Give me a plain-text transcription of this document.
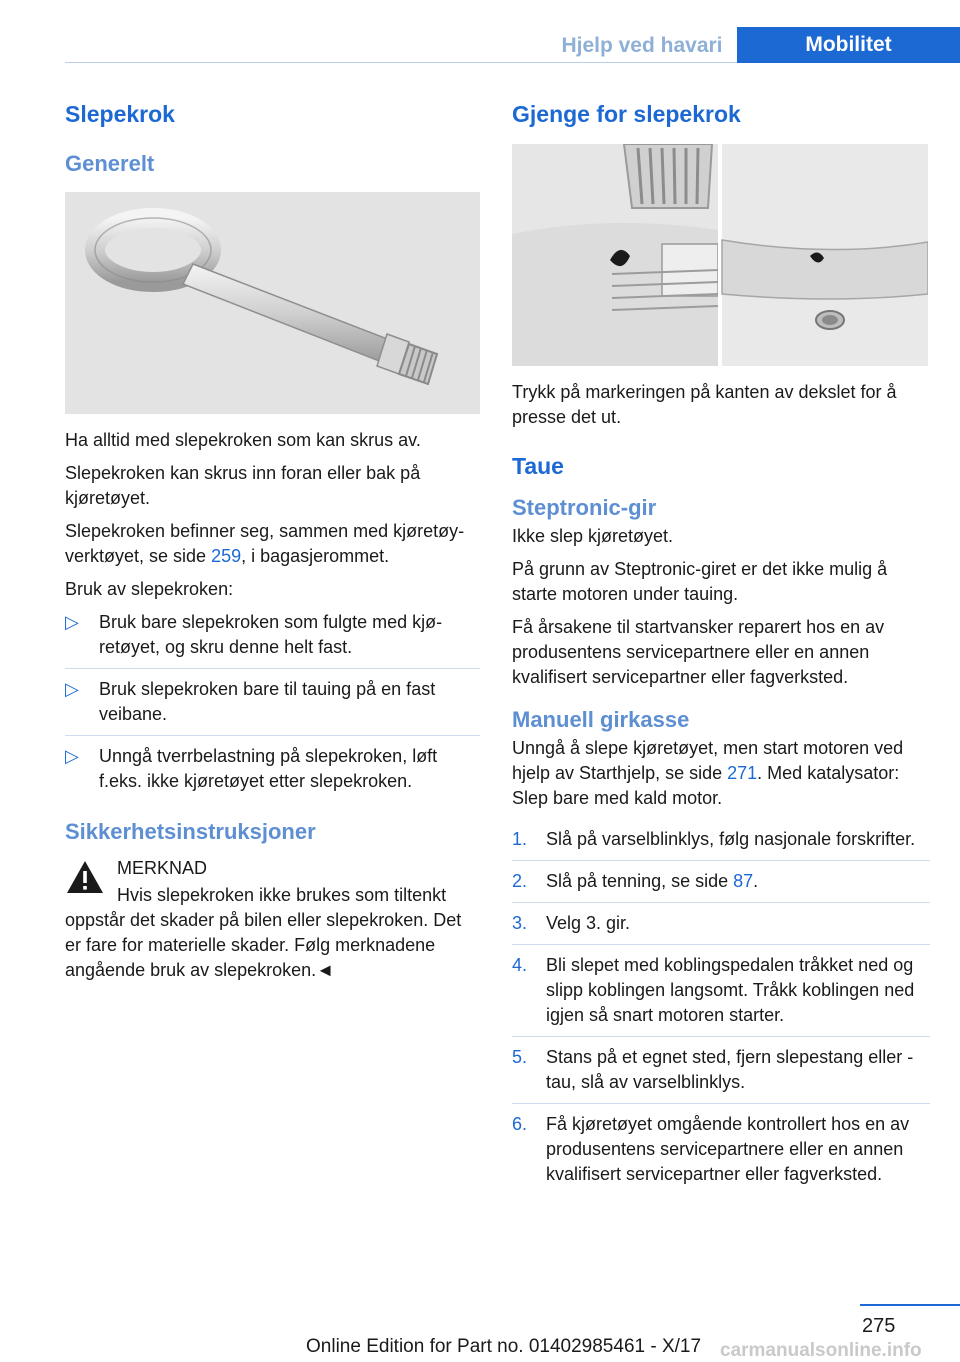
Hjelp ved havari	Mobilitet
Slepekrok
Generelt

Ha alltid med slepekroken som kan skrus av.

Slepekroken kan skrus inn foran eller bak på kjøretøyet.

Slepekroken befinner seg, sammen med kjøretøy-verktøyet, se side 259, i bagasjerommet.

Bruk av slepekroken:

▷ Bruk bare slepekroken som fulgte med kjøretøyet, og skru denne helt fast.
▷ Bruk slepekroken bare til tauing på en fast veibane.
▷ Unngå tverrbelastning på slepekroken, løft f.eks. ikke kjøretøyet etter slepekroken.
Sikkerhetsinstruksjoner

MERKNAD

Hvis slepekroken ikke brukes som tiltenkt oppstår det skader på bilen eller slepekroken. Det er fare for materielle skader. Følg merknadene angående bruk av slepekroken.◄

Gjenge for slepekrok

Trykk på markeringen på kanten av dekslet for å presse det ut.

Taue
Steptronic-gir

Ikke slep kjøretøyet.

På grunn av Steptronic-giret er det ikke mulig å starte motoren under tauing.

Få årsakene til startvansker reparert hos en av produsentens servicepartnere eller en annen kvalifisert servicepartner eller fagverksted.

Manuell girkasse

Unngå å slepe kjøretøyet, men start motoren ved hjelp av Starthjelp, se side 271. Med katalysator: Slep bare med kald motor.

1. Slå på varselblinklys, følg nasjonale forskrifter.
2. Slå på tenning, se side 87.
3. Velg 3. gir.
4. Bli slepet med koblingspedalen tråkket ned og slipp koblingen langsomt. Tråkk koblingen ned igjen så snart motoren starter.
5. Stans på et egnet sted, fjern slepestang eller -tau, slå av varselblinklys.
6. Få kjøretøyet omgående kontrollert hos en av produsentens servicepartnere eller en annen kvalifisert servicepartner eller fagverksted.
275
Online Edition for Part no. 01402985461 - X/17 carmanualsonline.info
